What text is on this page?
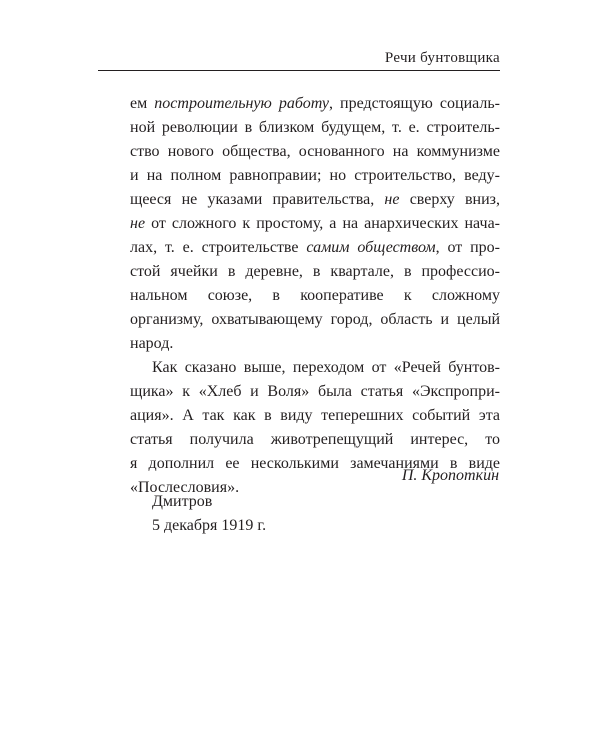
Речи бунтовщика
ем построительную работу, предстоящую социаль-
ной революции в близком будущем, т. е. строитель-
ство нового общества, основанного на коммунизме
и на полном равноправии; но строительство, веду-
щееся не указами правительства, не сверху вниз,
не от сложного к простому, а на анархических нача-
лах, т. е. строительстве самим обществом, от про-
стой ячейки в деревне, в квартале, в профессио-
нальном союзе, в кооперативе к сложному
организму, охватывающему город, область и целый
народ.
Как сказано выше, переходом от «Речей бунтов-
щика» к «Хлеб и Воля» была статья «Экспропри-
ация». А так как в виду теперешних событий эта
статья получила животрепещущий интерес, то
я дополнил ее несколькими замечаниями в виде
«Послесловия».
П. Кропоткин
Дмитров
5 декабря 1919 г.
